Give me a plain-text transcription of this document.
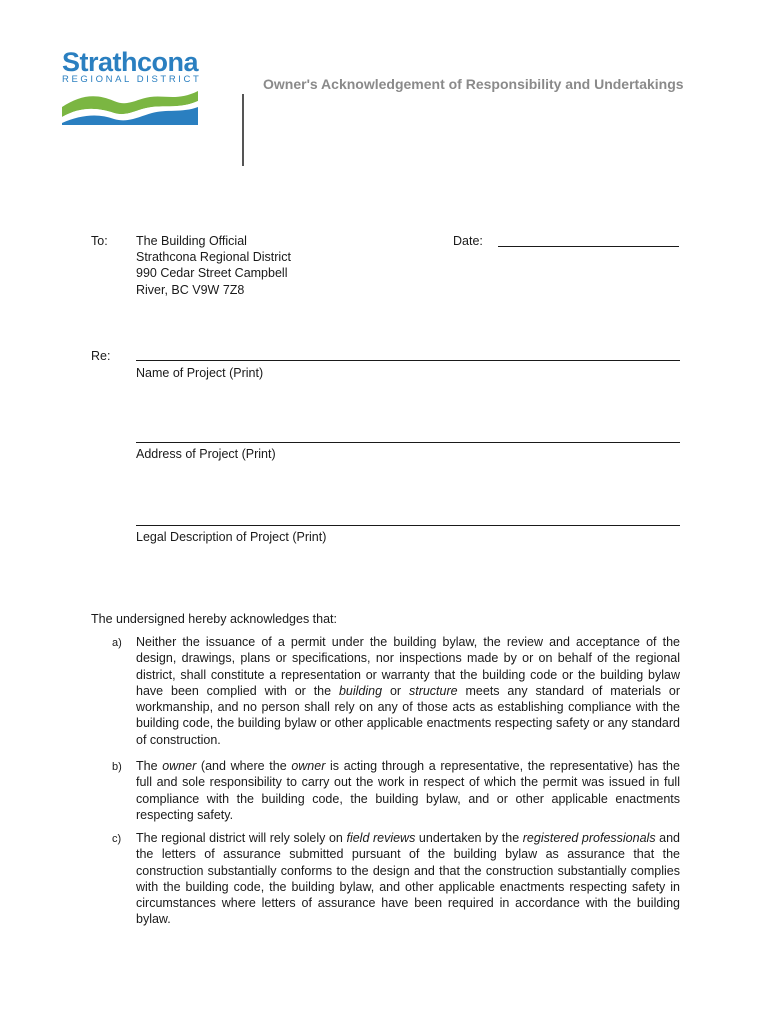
Strathcona
REGIONAL DISTRICT	Owner's Acknowledgement of Responsibility and Undertakings
To: The Building Official
Strathcona Regional District
990 Cedar Street Campbell
River, BC V9W 7Z8
Date:
Re:
Name of Project (Print)
Address of Project (Print)
Legal Description of Project (Print)
The undersigned hereby acknowledges that:
a) Neither the issuance of a permit under the building bylaw, the review and acceptance of the design, drawings, plans or specifications, nor inspections made by or on behalf of the regional district, shall constitute a representation or warranty that the building code or the building bylaw have been complied with or the building or structure meets any standard of materials or workmanship, and no person shall rely on any of those acts as establishing compliance with the building code, the building bylaw or other applicable enactments respecting safety or any standard of construction.
b) The owner (and where the owner is acting through a representative, the representative) has the full and sole responsibility to carry out the work in respect of which the permit was issued in full compliance with the building code, the building bylaw, and or other applicable enactments respecting safety.
c) The regional district will rely solely on field reviews undertaken by the registered professionals and the letters of assurance submitted pursuant of the building bylaw as assurance that the construction substantially conforms to the design and that the construction substantially complies with the building code, the building bylaw, and other applicable enactments respecting safety in circumstances where letters of assurance have been required in accordance with the building bylaw.
